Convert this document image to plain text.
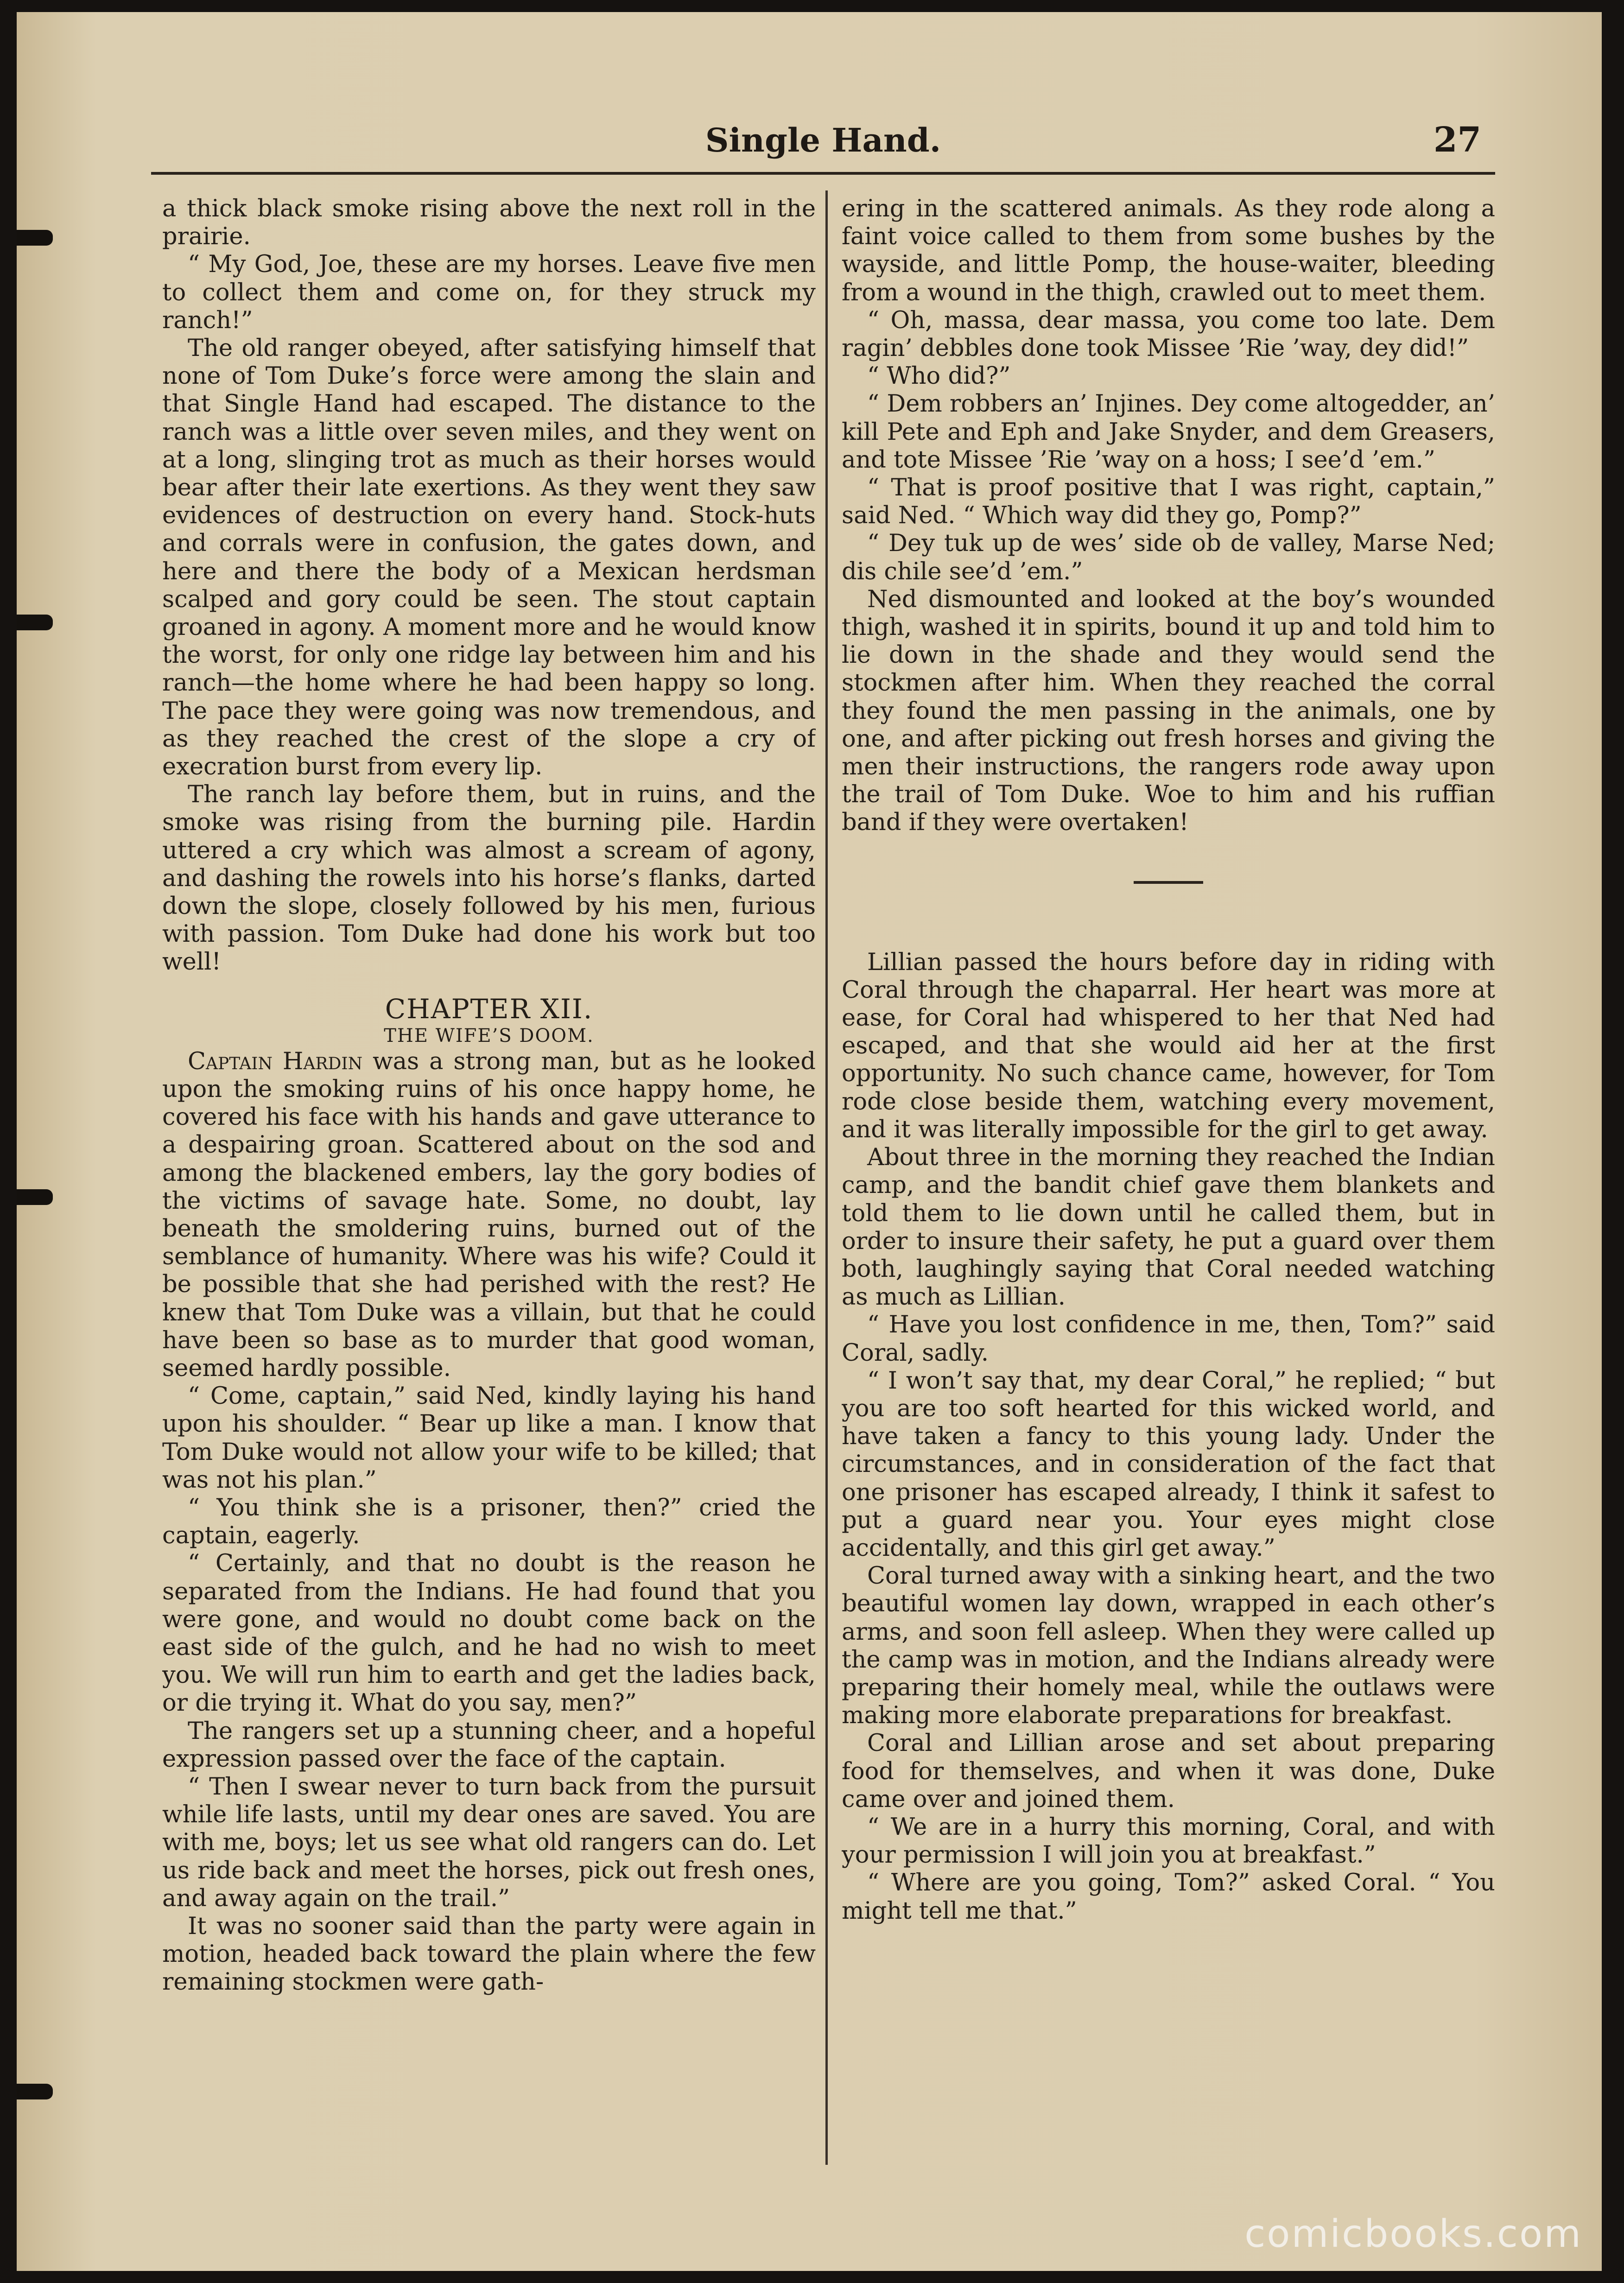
Single Hand.	27

a thick black smoke rising above the next roll in the prairie.

“ My God, Joe, these are my horses. Leave five men to collect them and come on, for they struck my ranch!”

The old ranger obeyed, after satisfying himself that none of Tom Duke’s force were among the slain and that Single Hand had escaped. The distance to the ranch was a little over seven miles, and they went on at a long, slinging trot as much as their horses would bear after their late exertions. As they went they saw evidences of destruction on every hand. Stock-huts and corrals were in confusion, the gates down, and here and there the body of a Mexican herdsman scalped and gory could be seen. The stout captain groaned in agony. A moment more and he would know the worst, for only one ridge lay between him and his ranch—the home where he had been happy so long. The pace they were going was now tremendous, and as they reached the crest of the slope a cry of execration burst from every lip.

The ranch lay before them, but in ruins, and the smoke was rising from the burning pile. Hardin uttered a cry which was almost a scream of agony, and dashing the rowels into his horse’s flanks, darted down the slope, closely followed by his men, furious with passion. Tom Duke had done his work but too well!

CHAPTER XII.
THE WIFE’S DOOM.

Captain Hardin was a strong man, but as he looked upon the smoking ruins of his once happy home, he covered his face with his hands and gave utterance to a despairing groan. Scattered about on the sod and among the blackened embers, lay the gory bodies of the victims of savage hate. Some, no doubt, lay beneath the smoldering ruins, burned out of the semblance of humanity. Where was his wife? Could it be possible that she had perished with the rest? He knew that Tom Duke was a villain, but that he could have been so base as to murder that good woman, seemed hardly possible.

“ Come, captain,” said Ned, kindly laying his hand upon his shoulder. “ Bear up like a man. I know that Tom Duke would not allow your wife to be killed; that was not his plan.”

“ You think she is a prisoner, then?” cried the captain, eagerly.

“ Certainly, and that no doubt is the reason he separated from the Indians. He had found that you were gone, and would no doubt come back on the east side of the gulch, and he had no wish to meet you. We will run him to earth and get the ladies back, or die trying it. What do you say, men?”

The rangers set up a stunning cheer, and a hopeful expression passed over the face of the captain.

“ Then I swear never to turn back from the pursuit while life lasts, until my dear ones are saved. You are with me, boys; let us see what old rangers can do. Let us ride back and meet the horses, pick out fresh ones, and away again on the trail.”

It was no sooner said than the party were again in motion, headed back toward the plain where the few remaining stockmen were gath-

ering in the scattered animals. As they rode along a faint voice called to them from some bushes by the wayside, and little Pomp, the house-waiter, bleeding from a wound in the thigh, crawled out to meet them.

“ Oh, massa, dear massa, you come too late. Dem ragin’ debbles done took Missee ’Rie ’way, dey did!”

“ Who did?”

“ Dem robbers an’ Injines. Dey come altogedder, an’ kill Pete and Eph and Jake Snyder, and dem Greasers, and tote Missee ’Rie ’way on a hoss; I see’d ’em.”

“ That is proof positive that I was right, captain,” said Ned. “ Which way did they go, Pomp?”

“ Dey tuk up de wes’ side ob de valley, Marse Ned; dis chile see’d ’em.”

Ned dismounted and looked at the boy’s wounded thigh, washed it in spirits, bound it up and told him to lie down in the shade and they would send the stockmen after him. When they reached the corral they found the men passing in the animals, one by one, and after picking out fresh horses and giving the men their instructions, the rangers rode away upon the trail of Tom Duke. Woe to him and his ruffian band if they were overtaken!

Lillian passed the hours before day in riding with Coral through the chaparral. Her heart was more at ease, for Coral had whispered to her that Ned had escaped, and that she would aid her at the first opportunity. No such chance came, however, for Tom rode close beside them, watching every movement, and it was literally impossible for the girl to get away.

About three in the morning they reached the Indian camp, and the bandit chief gave them blankets and told them to lie down until he called them, but in order to insure their safety, he put a guard over them both, laughingly saying that Coral needed watching as much as Lillian.

“ Have you lost confidence in me, then, Tom?” said Coral, sadly.

“ I won’t say that, my dear Coral,” he replied; “ but you are too soft hearted for this wicked world, and have taken a fancy to this young lady. Under the circumstances, and in consideration of the fact that one prisoner has escaped already, I think it safest to put a guard near you. Your eyes might close accidentally, and this girl get away.”

Coral turned away with a sinking heart, and the two beautiful women lay down, wrapped in each other’s arms, and soon fell asleep. When they were called up the camp was in motion, and the Indians already were preparing their homely meal, while the outlaws were making more elaborate preparations for breakfast.

Coral and Lillian arose and set about preparing food for themselves, and when it was done, Duke came over and joined them.

“ We are in a hurry this morning, Coral, and with your permission I will join you at breakfast.”

“ Where are you going, Tom?” asked Coral. “ You might tell me that.”

comicbooks.com
